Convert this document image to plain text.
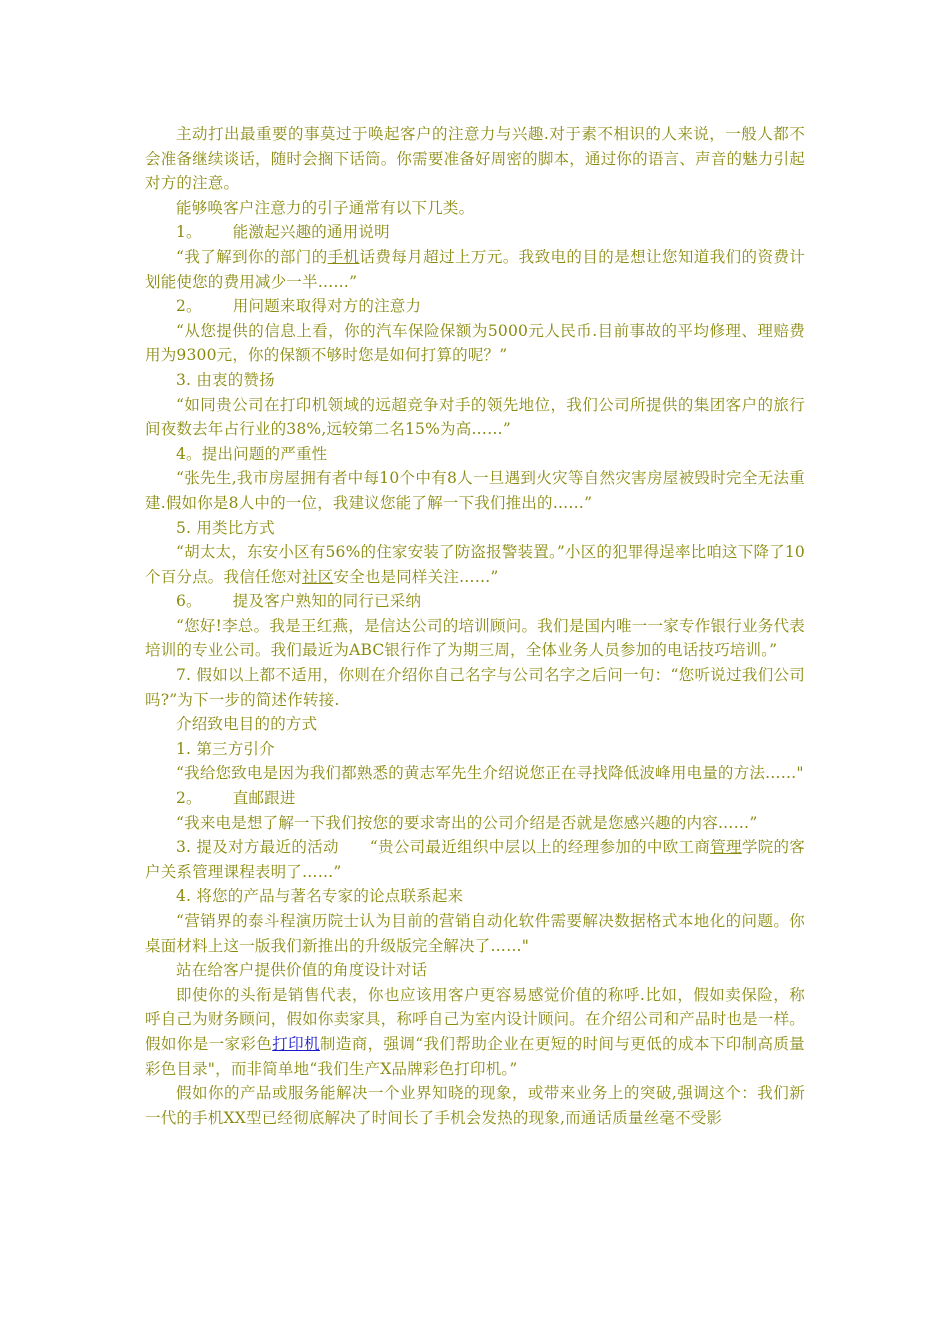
主动打出最重要的事莫过于唤起客户的注意力与兴趣.对于素不相识的人来说，一般人都不会准备继续谈话，随时会搁下话筒。你需要准备好周密的脚本，通过你的语言、声音的魅力引起对方的注意。

能够唤客户注意力的引子通常有以下几类。

1。 能激起兴趣的通用说明

“我了解到你的部门的手机话费每月超过上万元。我致电的目的是想让您知道我们的资费计划能使您的费用减少一半……”

2。 用问题来取得对方的注意力

“从您提供的信息上看，你的汽车保险保额为5000元人民币.目前事故的平均修理、理赔费用为9300元，你的保额不够时您是如何打算的呢？”

3. 由衷的赞扬

“如同贵公司在打印机领域的远超竞争对手的领先地位，我们公司所提供的集团客户的旅行间夜数去年占行业的38%,远较第二名15%为高……”

4。提出问题的严重性

“张先生,我市房屋拥有者中每10个中有8人一旦遇到火灾等自然灾害房屋被毁时完全无法重建.假如你是8人中的一位，我建议您能了解一下我们推出的……”

5. 用类比方式

“胡太太，东安小区有56%的住家安装了防盗报警装置。”小区的犯罪得逞率比咱这下降了10个百分点。我信任您对社区安全也是同样关注……”

6。 提及客户熟知的同行已采纳

“您好!李总。我是王红燕，是信达公司的培训顾问。我们是国内唯一一家专作银行业务代表培训的专业公司。我们最近为ABC银行作了为期三周，全体业务人员参加的电话技巧培训。”

7. 假如以上都不适用，你则在介绍你自己名字与公司名字之后问一句：“您听说过我们公司吗?”为下一步的简述作转接.

介绍致电目的的方式

1. 第三方引介

“我给您致电是因为我们都熟悉的黄志军先生介绍说您正在寻找降低波峰用电量的方法……"

2。 直邮跟进

“我来电是想了解一下我们按您的要求寄出的公司介绍是否就是您感兴趣的内容……”

3. 提及对方最近的活动 “贵公司最近组织中层以上的经理参加的中欧工商管理学院的客户关系管理课程表明了……”

4. 将您的产品与著名专家的论点联系起来

“营销界的泰斗程演历院士认为目前的营销自动化软件需要解决数据格式本地化的问题。你桌面材料上这一版我们新推出的升级版完全解决了……"

站在给客户提供价值的角度设计对话

即使你的头衔是销售代表，你也应该用客户更容易感觉价值的称呼.比如，假如卖保险，称呼自己为财务顾问，假如你卖家具，称呼自己为室内设计顾问。在介绍公司和产品时也是一样。假如你是一家彩色打印机制造商，强调“我们帮助企业在更短的时间与更低的成本下印制高质量彩色目录"，而非简单地“我们生产X品牌彩色打印机。”

假如你的产品或服务能解决一个业界知晓的现象，或带来业务上的突破,强调这个：我们新一代的手机XX型已经彻底解决了时间长了手机会发热的现象,而通话质量丝毫不受影
